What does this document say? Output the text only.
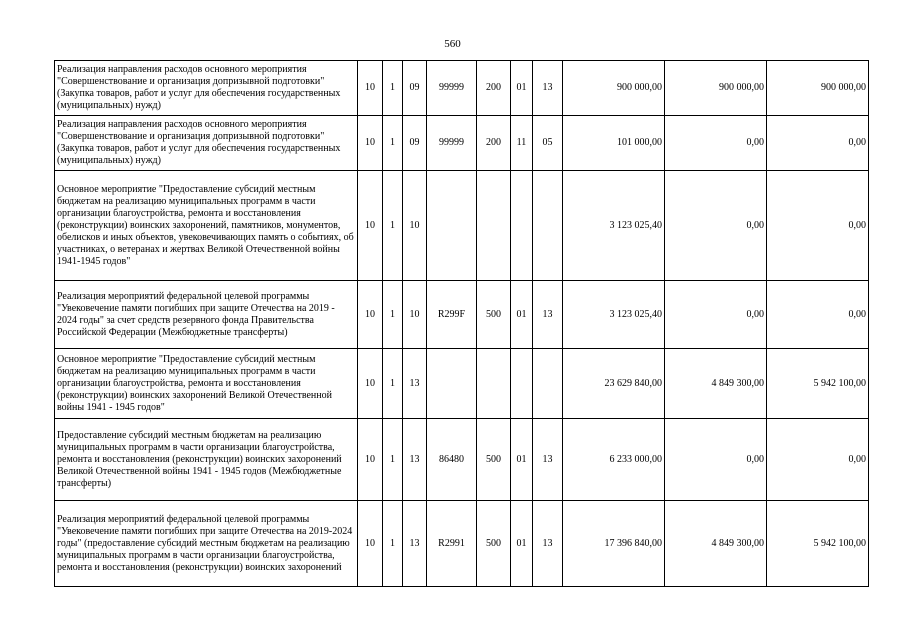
560
Реализация направления расходов основного мероприятия "Совершенствование и организация допризывной подготовки" (Закупка товаров, работ и услуг для обеспечения государственных (муниципальных) нужд)	10	1	09	99999	200	01	13	900 000,00	900 000,00	900 000,00
Реализация направления расходов основного мероприятия "Совершенствование и организация допризывной подготовки" (Закупка товаров, работ и услуг для обеспечения государственных (муниципальных) нужд)	10	1	09	99999	200	11	05	101 000,00	0,00	0,00
Основное мероприятие "Предоставление субсидий местным бюджетам на реализацию муниципальных программ в части организации благоустройства, ремонта и восстановления (реконструкции) воинских захоронений, памятников, монументов, обелисков и иных объектов, увековечивающих память о событиях, об участниках, о ветеранах и жертвах Великой Отечественной войны 1941-1945 годов"	10	1	10					3 123 025,40	0,00	0,00
Реализация мероприятий федеральной целевой программы "Увековечение памяти погибших при защите Отечества на 2019 - 2024 годы" за счет средств резервного фонда Правительства Российской Федерации (Межбюджетные трансферты)	10	1	10	R299F	500	01	13	3 123 025,40	0,00	0,00
Основное мероприятие "Предоставление субсидий местным бюджетам на реализацию муниципальных программ в части организации благоустройства, ремонта и восстановления (реконструкции) воинских захоронений Великой Отечественной войны 1941 - 1945 годов"	10	1	13					23 629 840,00	4 849 300,00	5 942 100,00
Предоставление субсидий местным бюджетам на реализацию муниципальных программ в части организации благоустройства, ремонта и восстановления (реконструкции) воинских захоронений Великой Отечественной войны 1941 - 1945 годов (Межбюджетные трансферты)	10	1	13	86480	500	01	13	6 233 000,00	0,00	0,00
Реализация мероприятий федеральной целевой программы "Увековечение памяти погибших при защите Отечества на 2019-2024 годы" (предоставление субсидий местным бюджетам на реализацию муниципальных программ в части организации благоустройства, ремонта и восстановления (реконструкции) воинских захоронений	10	1	13	R2991	500	01	13	17 396 840,00	4 849 300,00	5 942 100,00
